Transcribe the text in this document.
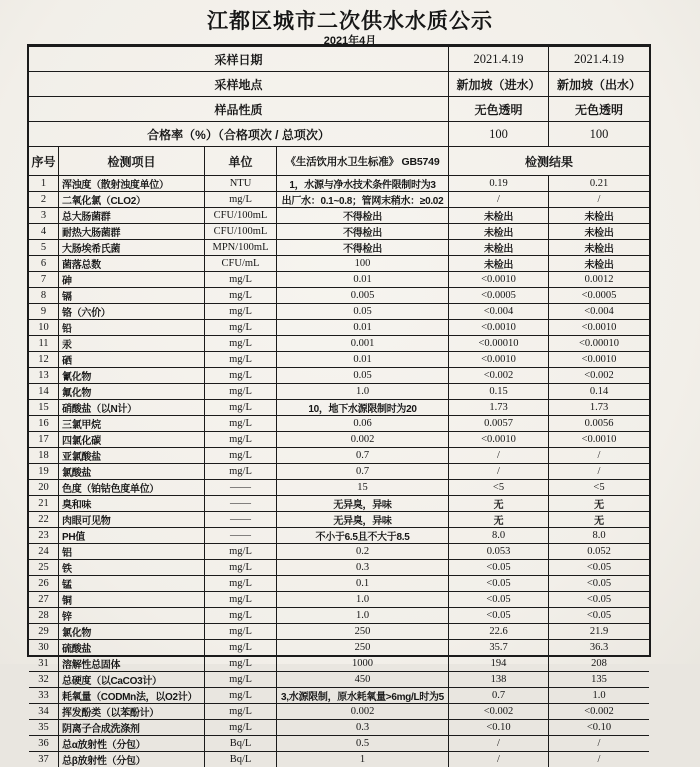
江都区城市二次供水水质公示
2021年4月
采样日期	2021.4.19	2021.4.19
采样地点	新加坡（进水）	新加坡（出水）
样品性质	无色透明	无色透明
合格率（%）（合格项次 / 总项次）	100	100
序号	检测项目	单位	《生活饮用水卫生标准》 GB5749	检测结果
1	浑浊度（散射浊度单位）	NTU	1，水源与净水技术条件限制时为3	0.19	0.21
2	二氧化氯（CLO2）	mg/L	出厂水：0.1~0.8；管网末稍水：≥0.02	/	/
3	总大肠菌群	CFU/100mL	不得检出	未检出	未检出
4	耐热大肠菌群	CFU/100mL	不得检出	未检出	未检出
5	大肠埃希氏菌	MPN/100mL	不得检出	未检出	未检出
6	菌落总数	CFU/mL	100	未检出	未检出
7	砷	mg/L	0.01	<0.0010	0.0012
8	镉	mg/L	0.005	<0.0005	<0.0005
9	铬（六价）	mg/L	0.05	<0.004	<0.004
10	铅	mg/L	0.01	<0.0010	<0.0010
11	汞	mg/L	0.001	<0.00010	<0.00010
12	硒	mg/L	0.01	<0.0010	<0.0010
13	氰化物	mg/L	0.05	<0.002	<0.002
14	氟化物	mg/L	1.0	0.15	0.14
15	硝酸盐（以N计）	mg/L	10，地下水源限制时为20	1.73	1.73
16	三氯甲烷	mg/L	0.06	0.0057	0.0056
17	四氯化碳	mg/L	0.002	<0.0010	<0.0010
18	亚氯酸盐	mg/L	0.7	/	/
19	氯酸盐	mg/L	0.7	/	/
20	色度（铂钴色度单位）	——	15	<5	<5
21	臭和味	——	无异臭，异味	无	无
22	肉眼可见物	——	无异臭，异味	无	无
23	PH值	——	不小于6.5且不大于8.5	8.0	8.0
24	铝	mg/L	0.2	0.053	0.052
25	铁	mg/L	0.3	<0.05	<0.05
26	锰	mg/L	0.1	<0.05	<0.05
27	铜	mg/L	1.0	<0.05	<0.05
28	锌	mg/L	1.0	<0.05	<0.05
29	氯化物	mg/L	250	22.6	21.9
30	硫酸盐	mg/L	250	35.7	36.3
31	溶解性总固体	mg/L	1000	194	208
32	总硬度（以CaCO3计）	mg/L	450	138	135
33	耗氧量（CODMn法，以O2计）	mg/L	3,水源限制，原水耗氧量>6mg/L时为5	0.7	1.0
34	挥发酚类（以苯酚计）	mg/L	0.002	<0.002	<0.002
35	阴离子合成洗涤剂	mg/L	0.3	<0.10	<0.10
36	总α放射性（分包）	Bq/L	0.5	/	/
37	总β放射性（分包）	Bq/L	1	/	/
